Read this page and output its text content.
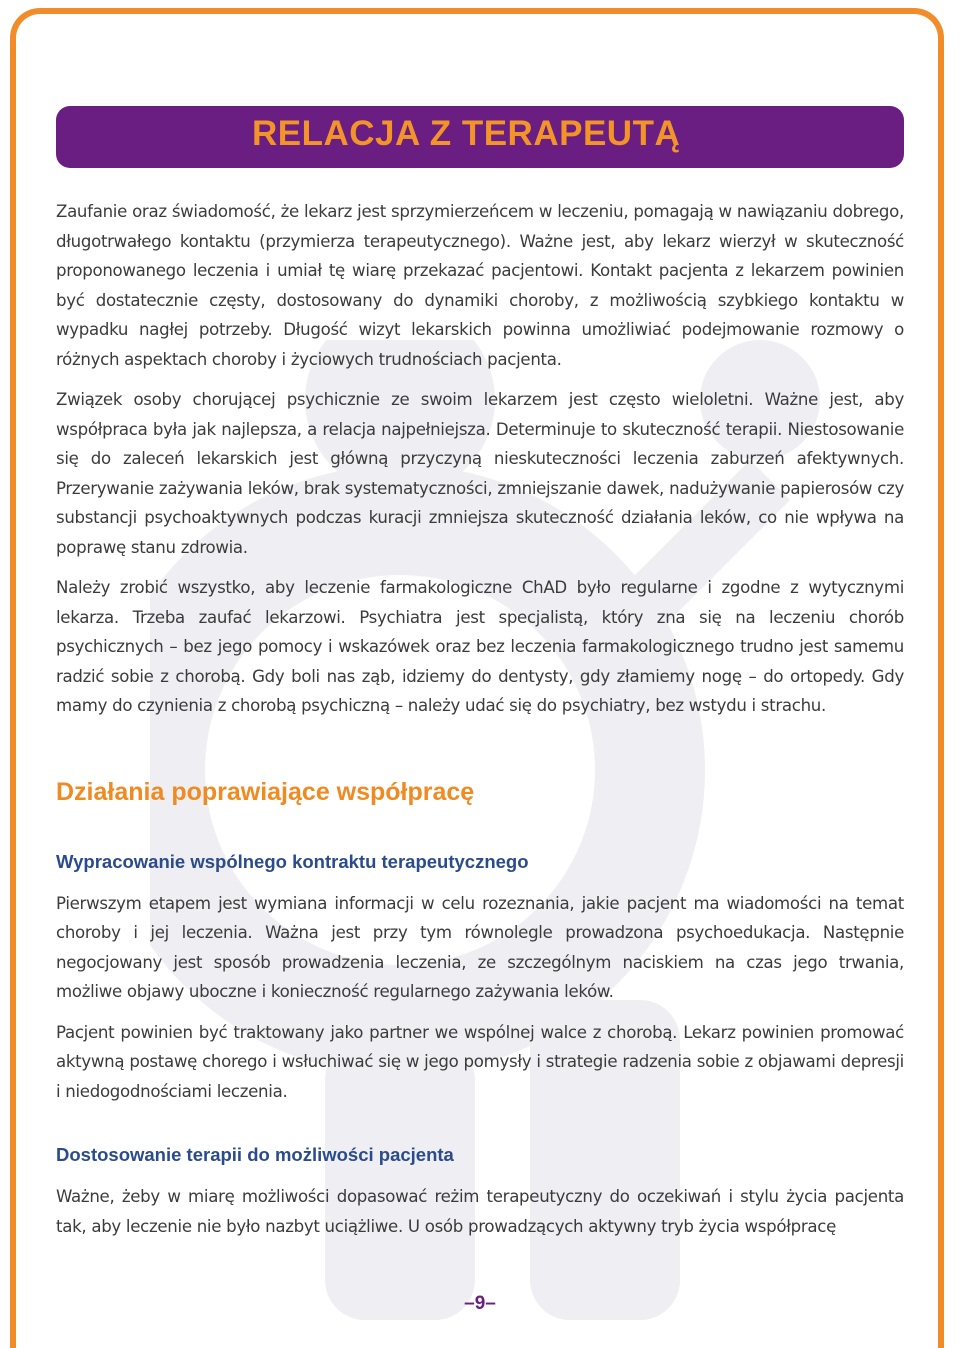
RELACJA Z TERAPEUTĄ

Zaufanie oraz świadomość, że lekarz jest sprzymierzeńcem w leczeniu, pomagają w nawiązaniu dobrego, długotrwałego kontaktu (przymierza terapeutycznego). Ważne jest, aby lekarz wierzył w skuteczność proponowanego leczenia i umiał tę wiarę przekazać pacjentowi. Kontakt pacjenta z lekarzem powinien być dostatecznie częsty, dostosowany do dynamiki choroby, z możliwością szybkiego kontaktu w wypadku nagłej potrzeby. Długość wizyt lekarskich powinna umożliwiać podejmowanie rozmowy o różnych aspektach choroby i życiowych trudnościach pacjenta.

Związek osoby chorującej psychicznie ze swoim lekarzem jest często wieloletni. Ważne jest, aby współpraca była jak najlepsza, a relacja najpełniejsza. Determinuje to skuteczność terapii. Niestosowanie się do zaleceń lekarskich jest główną przyczyną nieskuteczności leczenia zaburzeń afektywnych. Przerywanie zażywania leków, brak systematyczności, zmniejszanie dawek, nadużywanie papierosów czy substancji psychoaktywnych podczas kuracji zmniejsza skuteczność działania leków, co nie wpływa na poprawę stanu zdrowia.

Należy zrobić wszystko, aby leczenie farmakologiczne ChAD było regularne i zgodne z wytycznymi lekarza. Trzeba zaufać lekarzowi. Psychiatra jest specjalistą, który zna się na leczeniu chorób psychicznych – bez jego pomocy i wskazówek oraz bez leczenia farmakologicznego trudno jest samemu radzić sobie z chorobą. Gdy boli nas ząb, idziemy do dentysty, gdy złamiemy nogę – do ortopedy. Gdy mamy do czynienia z chorobą psychiczną – należy udać się do psychiatry, bez wstydu i strachu.

Działania poprawiające współpracę
Wypracowanie wspólnego kontraktu terapeutycznego

Pierwszym etapem jest wymiana informacji w celu rozeznania, jakie pacjent ma wiadomości na temat choroby i jej leczenia. Ważna jest przy tym równolegle prowadzona psychoedukacja. Następnie negocjowany jest sposób prowadzenia leczenia, ze szczególnym naciskiem na czas jego trwania, możliwe objawy uboczne i konieczność regularnego zażywania leków.

Pacjent powinien być traktowany jako partner we wspólnej walce z chorobą. Lekarz powinien promować aktywną postawę chorego i wsłuchiwać się w jego pomysły i strategie radzenia sobie z objawami depresji i niedogodnościami leczenia.

Dostosowanie terapii do możliwości pacjenta

Ważne, żeby w miarę możliwości dopasować reżim terapeutyczny do oczekiwań i stylu życia pacjenta tak, aby leczenie nie było nazbyt uciążliwe. U osób prowadzących aktywny tryb życia współpracę

–9–
